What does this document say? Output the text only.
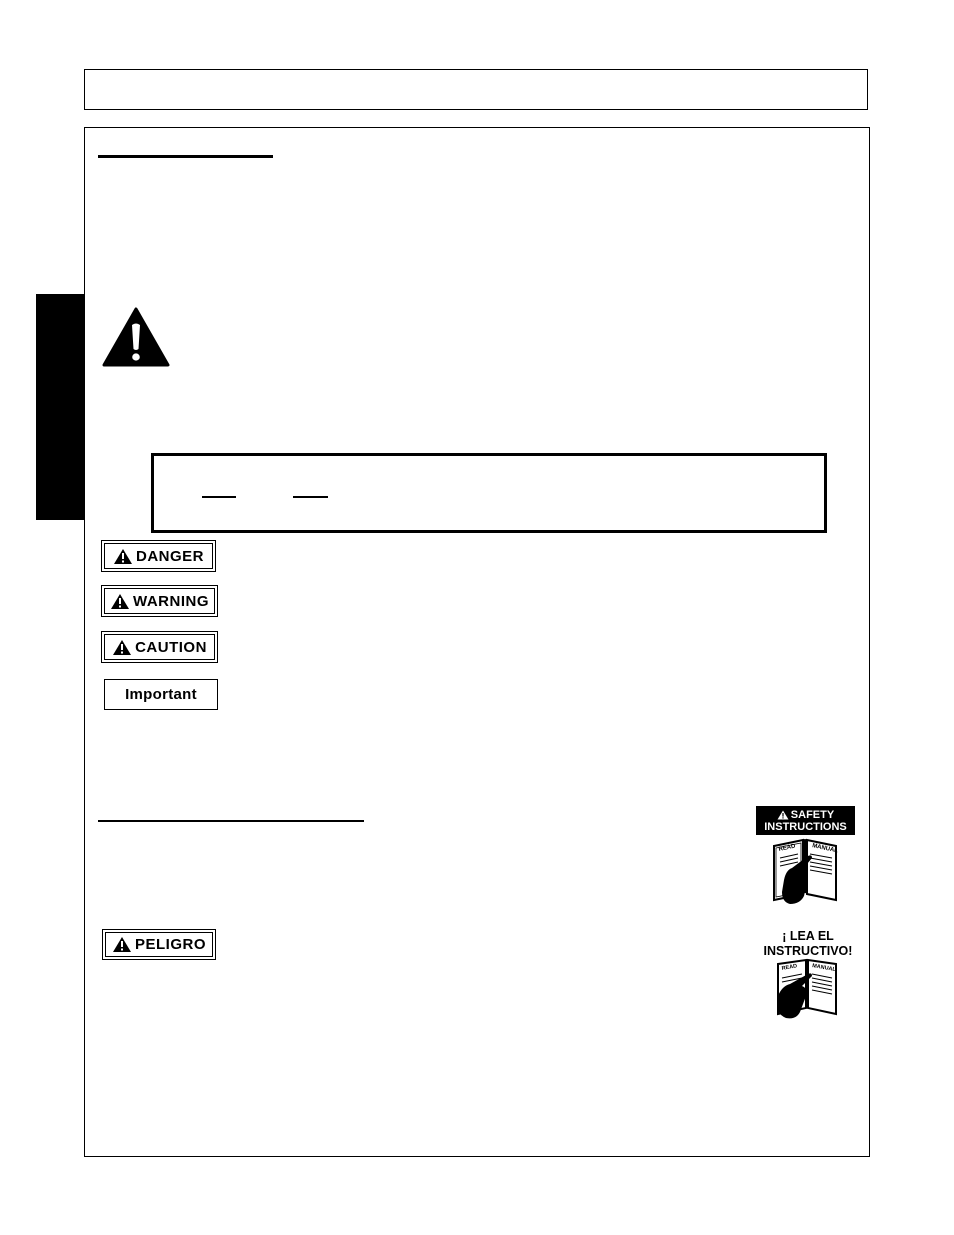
DANGER
WARNING
CAUTION
Important
SAFETY
INSTRUCTIONS
READ	MANUAL
PELIGRO	¡ LEA EL
INSTRUCTIVO!
READ	MANUAL
